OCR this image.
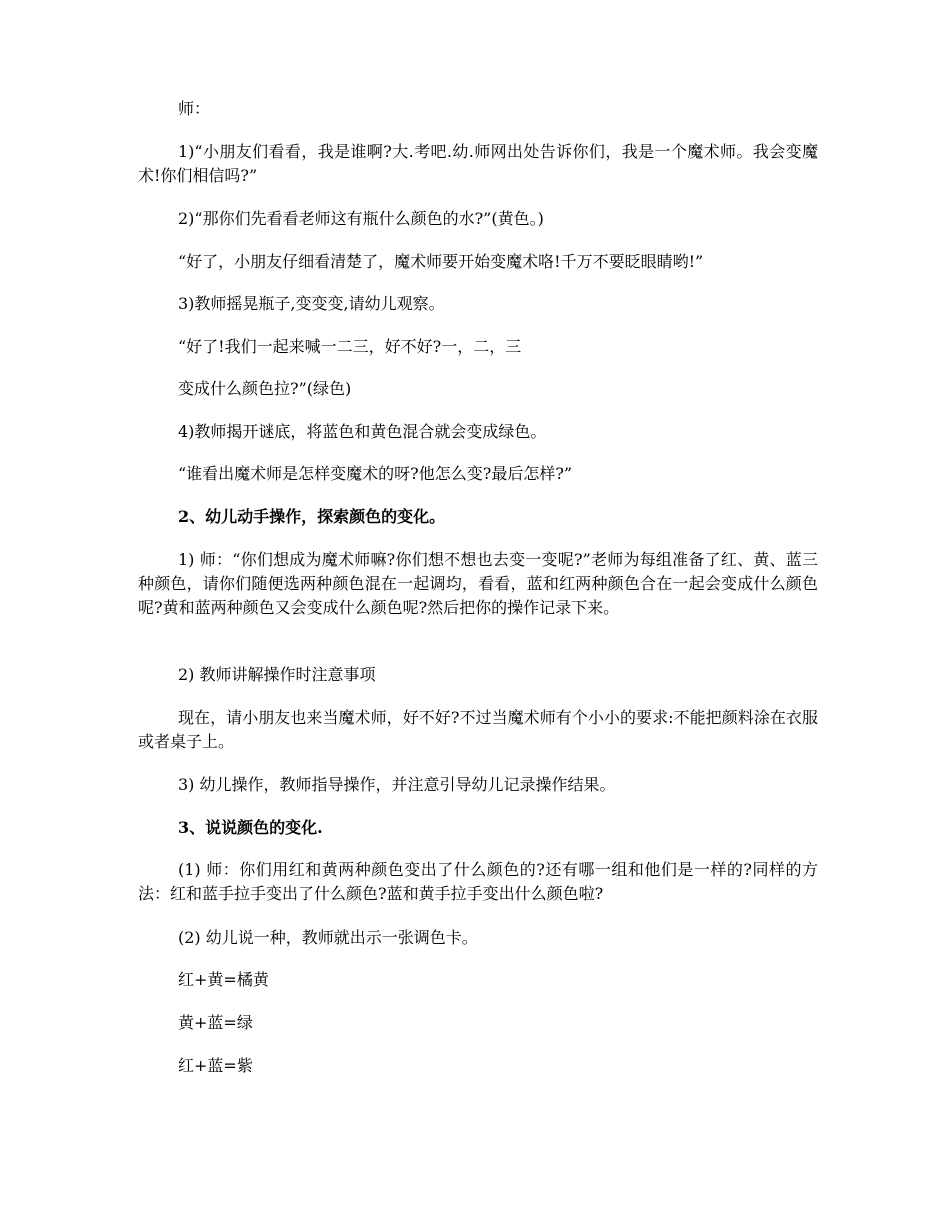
师：

1)“小朋友们看看，我是谁啊?大.考吧.幼.师网出处告诉你们，我是一个魔术师。我会变魔术!你们相信吗?”

2)“那你们先看看老师这有瓶什么颜色的水?”(黄色。)

“好了，小朋友仔细看清楚了，魔术师要开始变魔术咯!千万不要眨眼睛哟!”

3)教师摇晃瓶子,变变变,请幼儿观察。

“好了!我们一起来喊一二三，好不好?一，二，三

变成什么颜色拉?”(绿色)

4)教师揭开谜底，将蓝色和黄色混合就会变成绿色。

“谁看出魔术师是怎样变魔术的呀?他怎么变?最后怎样?”

2、幼儿动手操作，探索颜色的变化。

1) 师：“你们想成为魔术师嘛?你们想不想也去变一变呢?”老师为每组准备了红、黄、蓝三种颜色，请你们随便选两种颜色混在一起调均，看看，蓝和红两种颜色合在一起会变成什么颜色呢?黄和蓝两种颜色又会变成什么颜色呢?然后把你的操作记录下来。

2) 教师讲解操作时注意事项

现在，请小朋友也来当魔术师，好不好?不过当魔术师有个小小的要求:不能把颜料涂在衣服或者桌子上。

3) 幼儿操作，教师指导操作，并注意引导幼儿记录操作结果。

3、说说颜色的变化.

(1) 师：你们用红和黄两种颜色变出了什么颜色的?还有哪一组和他们是一样的?同样的方法：红和蓝手拉手变出了什么颜色?蓝和黄手拉手变出什么颜色啦?

(2) 幼儿说一种，教师就出示一张调色卡。

红+黄=橘黄

黄+蓝=绿

红+蓝=紫
